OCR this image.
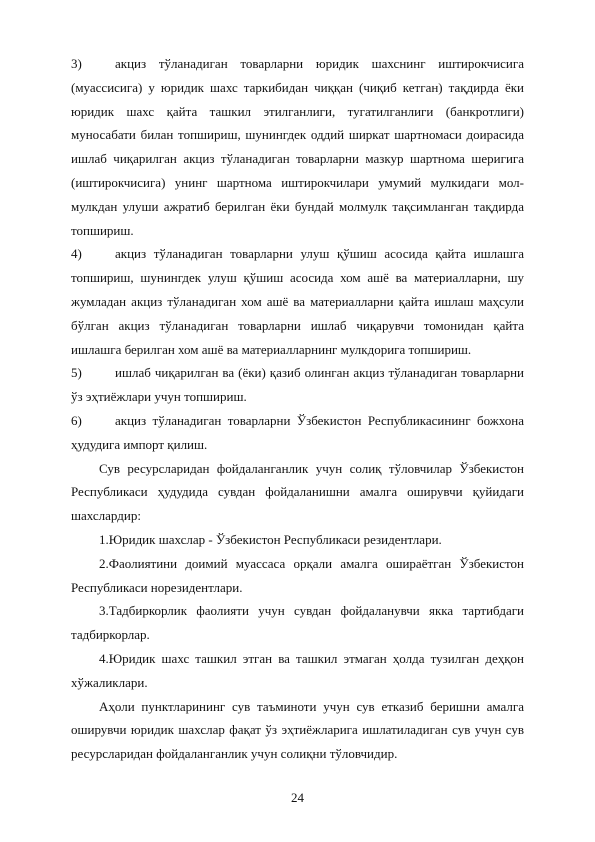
3)	акциз тўланадиган товарларни юридик шахснинг иштирокчисига (муассисига) у юридик шахс таркибидан чиққан (чиқиб кетган) тақдирда ёки юридик шахс қайта ташкил этилганлиги, тугатилганлиги (банкротлиги) муносабати билан топшириш, шунингдек оддий ширкат шартномаси доирасида ишлаб чиқарилган акциз тўланадиган товарларни мазкур шартнома шеригига (иштирокчисига) унинг шартнома иштирокчилари умумий мулкидаги мол-мулкдан улуши ажратиб берилган ёки бундай молмулк тақсимланган тақдирда топшириш.

4)	акциз тўланадиган товарларни улуш қўшиш асосида қайта ишлашга топшириш, шунингдек улуш қўшиш асосида хом ашё ва материалларни, шу жумладан акциз тўланадиган хом ашё ва материалларни қайта ишлаш маҳсули бўлган акциз тўланадиган товарларни ишлаб чиқарувчи томонидан қайта ишлашга берилган хом ашё ва материалларнинг мулкдорига топшириш.

5)	ишлаб чиқарилган ва (ёки) қазиб олинган акциз тўланадиган товарларни ўз эҳтиёжлари учун топшириш.

6)	акциз тўланадиган товарларни Ўзбекистон Республикасининг божхона ҳудудига импорт қилиш.

Сув ресурсларидан фойдаланганлик учун солиқ тўловчилар Ўзбекистон Республикаси ҳудудида сувдан фойдаланишни амалга оширувчи қуйидаги шахслардир:

1.Юридик шахслар - Ўзбекистон Республикаси резидентлари.

2.Фаолиятини доимий муассаса орқали амалга ошираётган Ўзбекистон Республикаси норезидентлари.

3.Тадбиркорлик фаолияти учун сувдан фойдаланувчи якка тартибдаги тадбиркорлар.

4.Юридик шахс ташкил этган ва ташкил этмаган ҳолда тузилган деҳқон хўжаликлари.

Аҳоли пунктларининг сув таъминоти учун сув етказиб беришни амалга оширувчи юридик шахслар фақат ўз эҳтиёжларига ишлатиладиган сув учун сув ресурсларидан фойдаланганлик учун солиқни тўловчидир.

24
